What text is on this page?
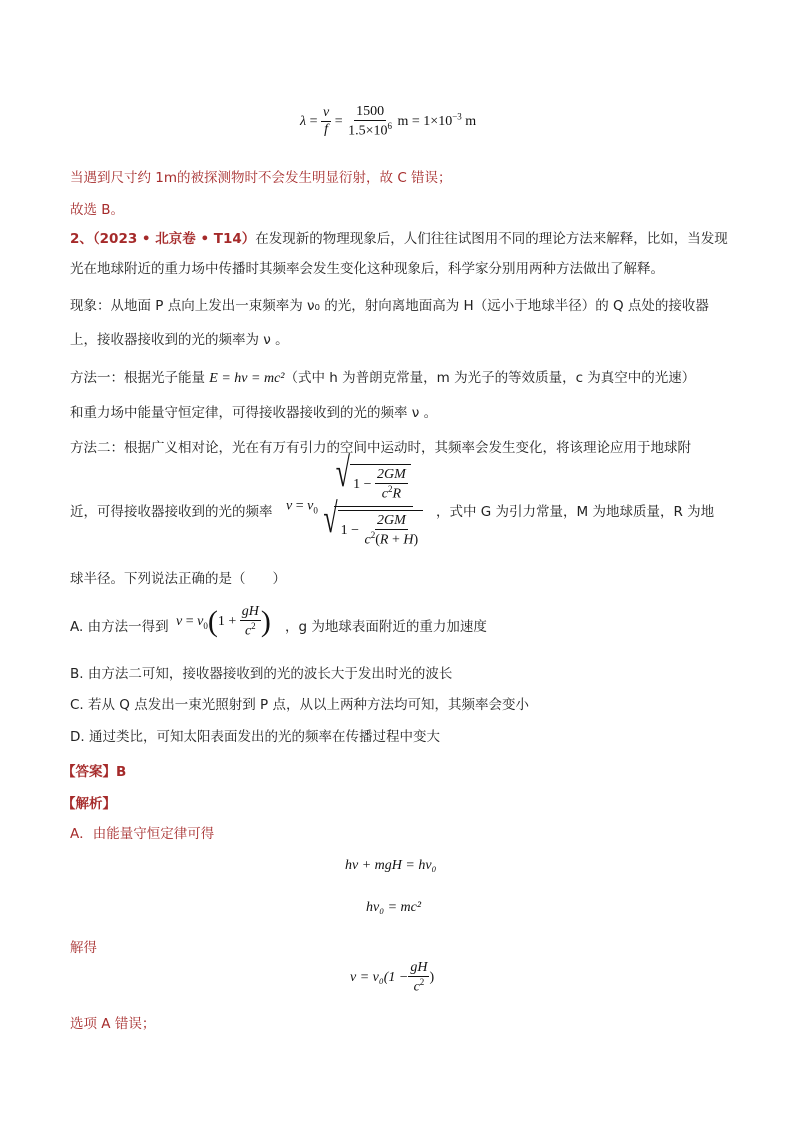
$\lambda = \frac{v}{f} = \frac{1500}{1.5\times 10^6}$ $m = 1\times 10^{-3}$ m
当遇到尺寸约 1m的被探测物时不会发生明显衍射，故 C 错误；
故选 B。
2、（2023 • 北京卷 • T14）在发现新的物理现象后，人们往往试图用不同的理论方法来解释，比如，当发现
光在地球附近的重力场中传播时其频率会发生变化这种现象后，科学家分别用两种方法做出了解释。
现象：从地面 P 点向上发出一束频率为 ν₀ 的光，射向离地面高为 H（远小于地球半径）的 Q 点处的接收器
上，接收器接收到的光的频率为 ν 。
方法一：根据光子能量 E = hν = mc²（式中 h 为普朗克常量，m 为光子的等效质量，c 为真空中的光速）
和重力场中能量守恒定律，可得接收器接收到的光的频率 ν 。
方法二：根据广义相对论，光在有万有引力的空间中运动时，其频率会发生变化，将该理论应用于地球附
近，可得接收器接收到的光的频率 $\nu = \nu_0 \frac{√ 1 - \frac{2GM}{c^2R}}{√ 1 - \frac{2GM}{c^2(R + H)}}$ ，式中 G 为引力常量，M 为地球质量，R 为地
球半径。下列说法正确的是（　　）
A. 由方法一得到 $\nu = \nu_0(1 + \frac{gH}{c^2}$ ) ，g 为地球表面附近的重力加速度
B. 由方法二可知，接收器接收到的光的波长大于发出时光的波长
C. 若从 Q 点发出一束光照射到 P 点，从以上两种方法均可知，其频率会变小
D. 通过类比，可知太阳表面发出的光的频率在传播过程中变大
【答案】B
【解析】
A．由能量守恒定律可得
hν + mgH = hν₀
hν₀ = mc²
解得
$\nu = \nu_0(1 - \frac{gH}{c^2}$ )
选项 A 错误；
